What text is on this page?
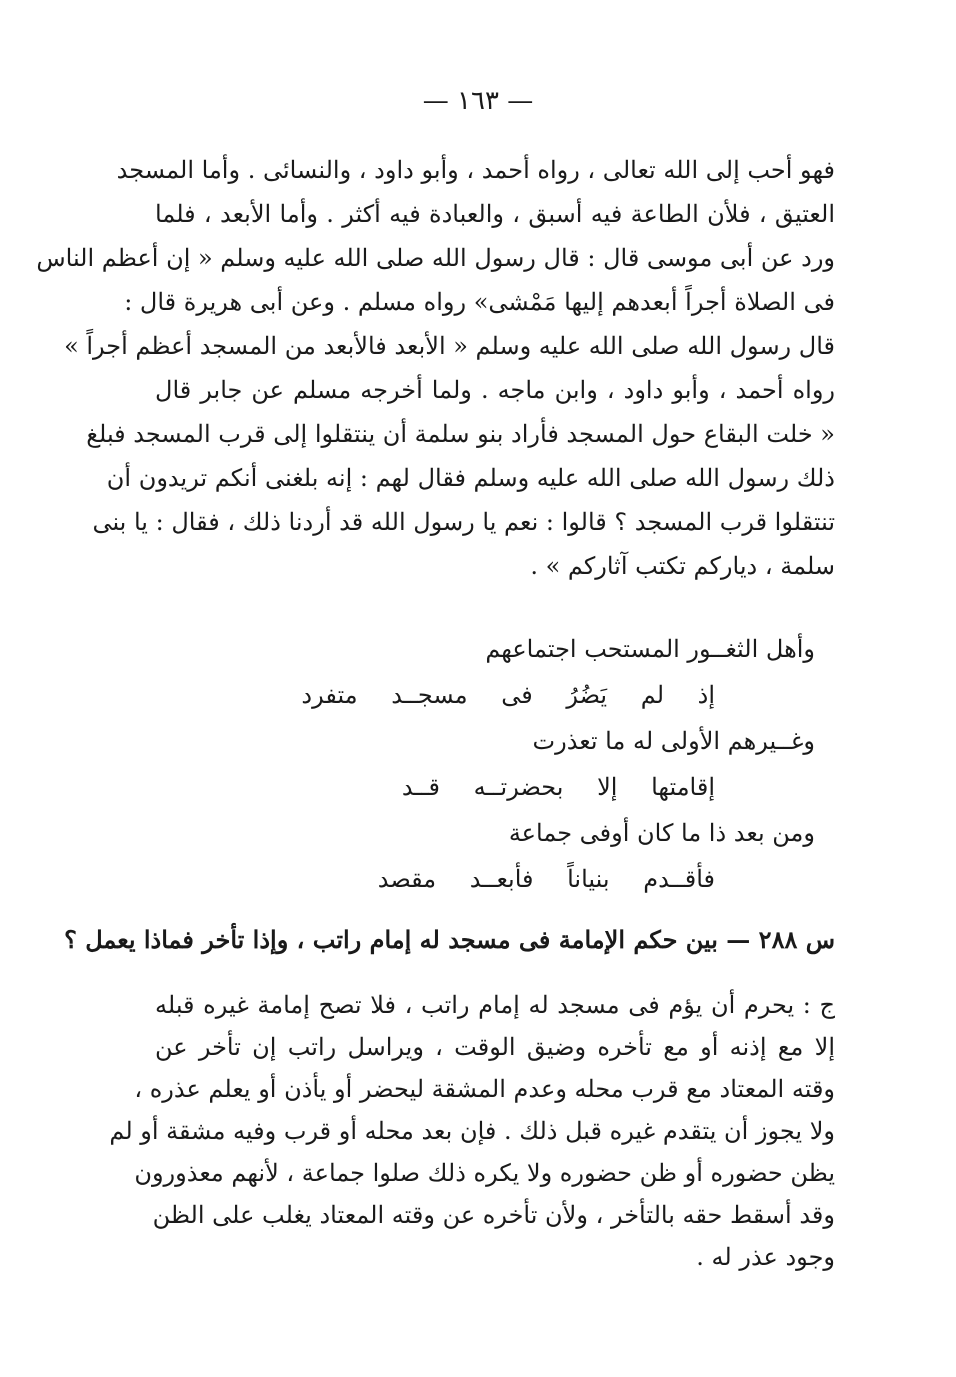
— ١٦٣ —
فهو أحب إلى الله تعالى ، رواه أحمد ، وأبو داود ، والنسائى . وأما المسجد
العتيق ، فلأن الطاعة فيه أسبق ، والعبادة فيه أكثر . وأما الأبعد ، فلما
ورد عن أبى موسى قال : قال رسول الله صلى الله عليه وسلم « إن أعظم الناس
فى الصلاة أجراً أبعدهم إليها مَمْشى» رواه مسلم . وعن أبى هريرة قال :
قال رسول الله صلى الله عليه وسلم « الأبعد فالأبعد من المسجد أعظم أجراً »
رواه أحمد ، وأبو داود ، وابن ماجه . ولما أخرجه مسلم عن جابر قال
« خلت البقاع حول المسجد فأراد بنو سلمة أن ينتقلوا إلى قرب المسجد فبلغ
ذلك رسول الله صلى الله عليه وسلم فقال لهم : إنه بلغنى أنكم تريدون أن
تنتقلوا قرب المسجد ؟ قالوا : نعم يا رسول الله قد أردنا ذلك ، فقال : يا بنى
سلمة ، دياركم تكتب آثاركم » .
وأهل الثغــور المستحب اجتماعهم
إذ لم يَضُرُ فى مسجــد متفرد
وغــيرهم الأولى له ما تعذرت
إقامتها إلا بحضرتــه قــد
ومن بعد ذا ما كان أوفى جماعة
فأقــدم بنياناً فأبعــد مقصد
س ٢٨٨ — بين حكم الإمامة فى مسجد له إمام راتب ، وإذا تأخر فماذا يعمل ؟
ج : يحرم أن يؤم فى مسجد له إمام راتب ، فلا تصح إمامة غيره قبله
إلا مع إذنه أو مع تأخره وضيق الوقت ، ويراسل راتب إن تأخر عن
وقته المعتاد مع قرب محله وعدم المشقة ليحضر أو يأذن أو يعلم عذره ،
ولا يجوز أن يتقدم غيره قبل ذلك . فإن بعد محله أو قرب وفيه مشقة أو لم
يظن حضوره أو ظن حضوره ولا يكره ذلك صلوا جماعة ، لأنهم معذورون
وقد أسقط حقه بالتأخر ، ولأن تأخره عن وقته المعتاد يغلب على الظن
وجود عذر له .
